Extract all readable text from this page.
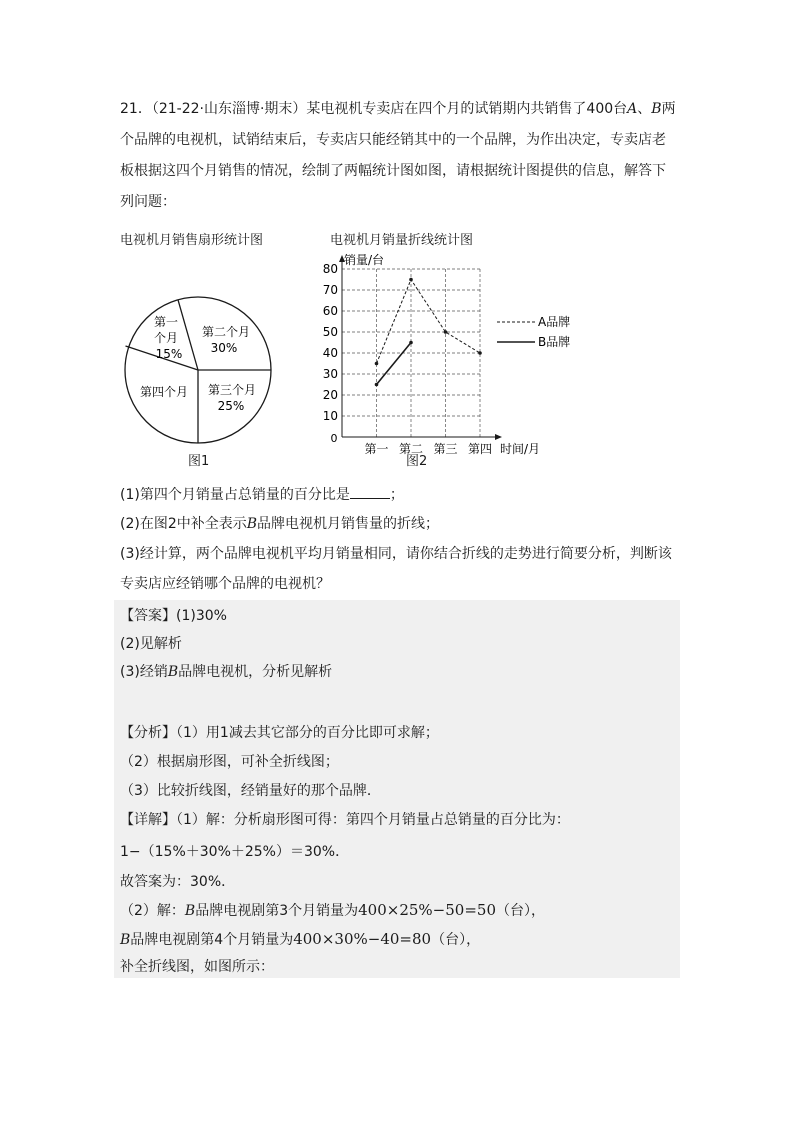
21．（21-22·山东淄博·期末）某电视机专卖店在四个月的试销期内共销售了400台A、B两

个品牌的电视机，试销结束后，专卖店只能经销其中的一个品牌，为作出决定，专卖店老

板根据这四个月销售的情况，绘制了两幅统计图如图，请根据统计图提供的信息，解答下

列问题：

电视机月销售扇形统计图	电视机月销量折线统计图
第一
个月
15%
第二个月
30%
第三个月
25%
第四个月
图1
10
20
30
40
50
60
70
80
0
销量/台
第一 第二 第三 第四 时间/月
A品牌
B品牌
图2
(1)第四个月销量占总销量的百分比是	；
(2)在图2中补全表示B品牌电视机月销售量的折线；
(3)经计算，两个品牌电视机平均月销量相同，请你结合折线的走势进行简要分析，判断该
专卖店应经销哪个品牌的电视机？
【答案】(1)30%
(2)见解析
(3)经销B品牌电视机，分析见解析
【分析】（1）用1减去其它部分的百分比即可求解；
（2）根据扇形图，可补全折线图；
（3）比较折线图，经销量好的那个品牌．
【详解】（1）解：分析扇形图可得：第四个月销量占总销量的百分比为：
1−（15%＋30%＋25%）＝30%．
故答案为：30%．
（2）解：B品牌电视剧第3个月销量为400×25%−50=50（台），
B品牌电视剧第4个月销量为400×30%−40=80（台），
补全折线图，如图所示：
